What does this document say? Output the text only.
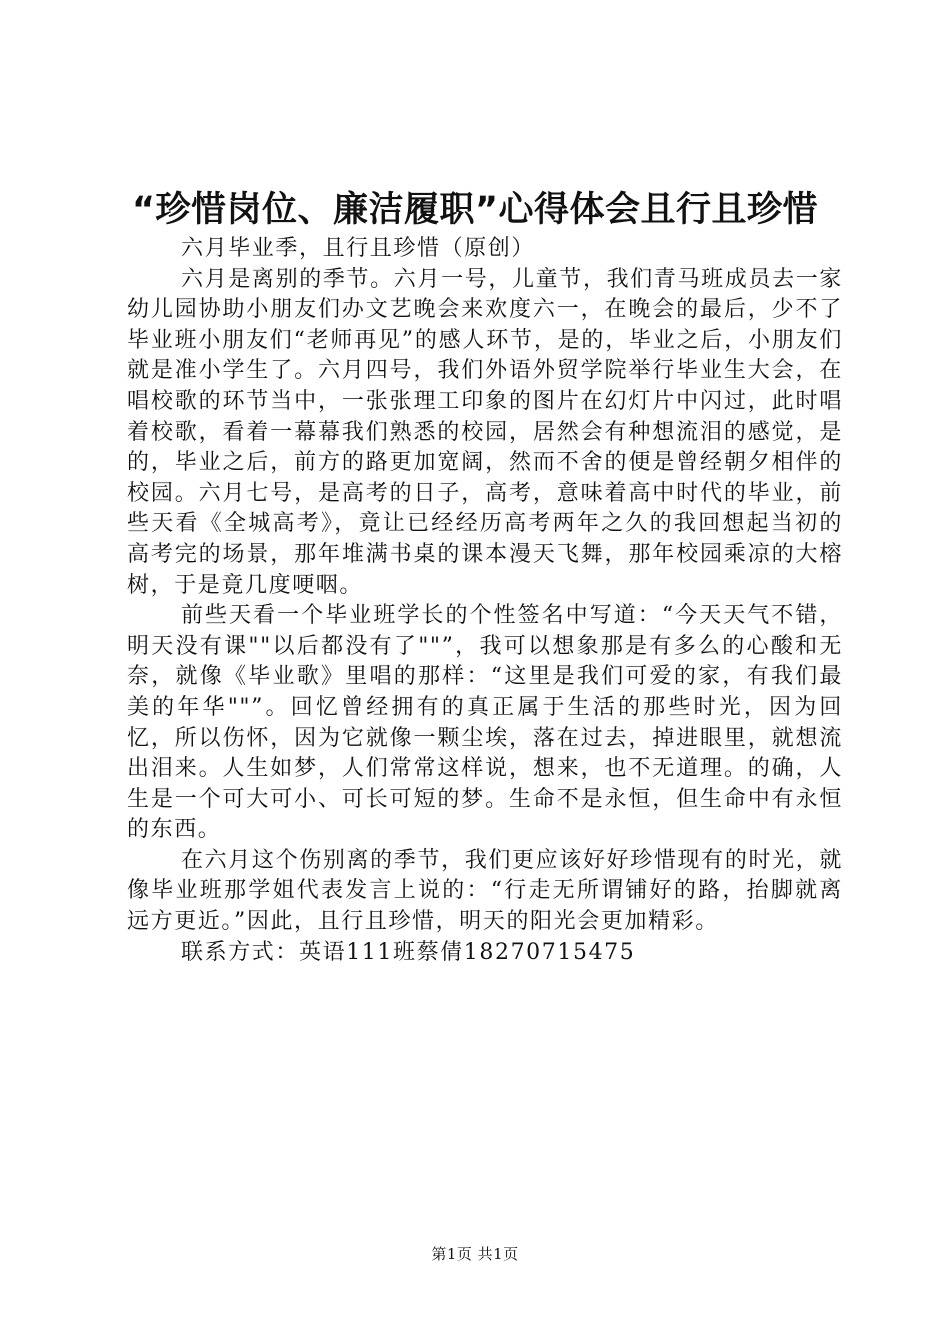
“珍惜岗位、廉洁履职”心得体会且行且珍惜

六月毕业季，且行且珍惜（原创）

六月是离别的季节。六月一号，儿童节，我们青马班成员去一家幼儿园协助小朋友们办文艺晚会来欢度六一，在晚会的最后，少不了毕业班小朋友们“老师再见”的感人环节，是的，毕业之后，小朋友们就是准小学生了。六月四号，我们外语外贸学院举行毕业生大会，在唱校歌的环节当中，一张张理工印象的图片在幻灯片中闪过，此时唱着校歌，看着一幕幕我们熟悉的校园，居然会有种想流泪的感觉，是的，毕业之后，前方的路更加宽阔，然而不舍的便是曾经朝夕相伴的校园。六月七号，是高考的日子，高考，意味着高中时代的毕业，前些天看《全城高考》，竟让已经经历高考两年之久的我回想起当初的高考完的场景，那年堆满书桌的课本漫天飞舞，那年校园乘凉的大榕树，于是竟几度哽咽。

前些天看一个毕业班学长的个性签名中写道：“今天天气不错，明天没有课""以后都没有了""”，我可以想象那是有多么的心酸和无奈，就像《毕业歌》里唱的那样：“这里是我们可爱的家，有我们最美的年华""”。回忆曾经拥有的真正属于生活的那些时光，因为回忆，所以伤怀，因为它就像一颗尘埃，落在过去，掉进眼里，就想流出泪来。人生如梦，人们常常这样说，想来，也不无道理。的确，人生是一个可大可小、可长可短的梦。生命不是永恒，但生命中有永恒的东西。

在六月这个伤别离的季节，我们更应该好好珍惜现有的时光，就像毕业班那学姐代表发言上说的：“行走无所谓铺好的路，抬脚就离远方更近。”因此，且行且珍惜，明天的阳光会更加精彩。

联系方式：英语111班蔡倩18270715475

第1页 共1页
